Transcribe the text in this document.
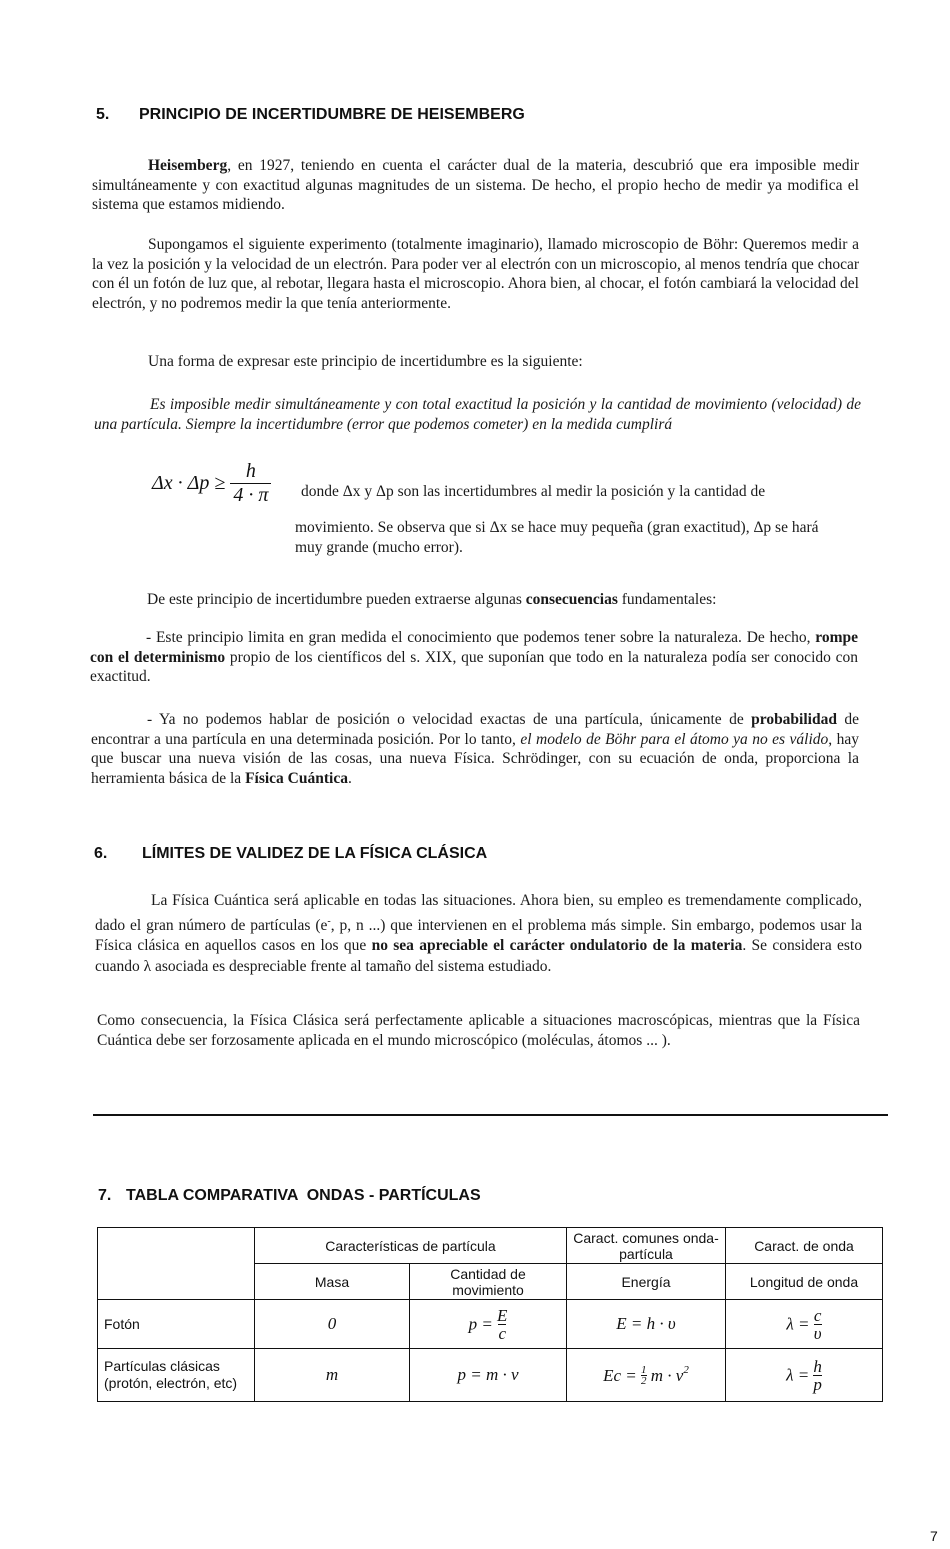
5. PRINCIPIO DE INCERTIDUMBRE DE HEISEMBERG
Heisemberg, en 1927, teniendo en cuenta el carácter dual de la materia, descubrió que era imposible medir simultáneamente y con exactitud algunas magnitudes de un sistema. De hecho, el propio hecho de medir ya modifica el sistema que estamos midiendo.
Supongamos el siguiente experimento (totalmente imaginario), llamado microscopio de Böhr: Queremos medir a la vez la posición y la velocidad de un electrón. Para poder ver al electrón con un microscopio, al menos tendría que chocar con él un fotón de luz que, al rebotar, llegara hasta el microscopio. Ahora bien, al chocar, el fotón cambiará la velocidad del electrón, y no podremos medir la que tenía anteriormente.
Una forma de expresar este principio de incertidumbre es la siguiente:
Es imposible medir simultáneamente y con total exactitud la posición y la cantidad de movimiento (velocidad) de una partícula. Siempre la incertidumbre (error que podemos cometer) en la medida cumplirá
$\Delta x \cdot \Delta p \ge \frac{h}{4 \cdot \pi}$ donde Δx y Δp son las incertidumbres al medir la posición y la cantidad de
movimiento. Se observa que si Δx se hace muy pequeña (gran exactitud), Δp se hará muy grande (mucho error).
De este principio de incertidumbre pueden extraerse algunas consecuencias fundamentales:
- Este principio limita en gran medida el conocimiento que podemos tener sobre la naturaleza. De hecho, rompe con el determinismo propio de los científicos del s. XIX, que suponían que todo en la naturaleza podía ser conocido con exactitud.
- Ya no podemos hablar de posición o velocidad exactas de una partícula, únicamente de probabilidad de encontrar a una partícula en una determinada posición. Por lo tanto, el modelo de Böhr para el átomo ya no es válido, hay que buscar una nueva visión de las cosas, una nueva Física. Schrödinger, con su ecuación de onda, proporciona la herramienta básica de la Física Cuántica.
6. LÍMITES DE VALIDEZ DE LA FÍSICA CLÁSICA
La Física Cuántica será aplicable en todas las situaciones. Ahora bien, su empleo es tremendamente complicado, dado el gran número de partículas (e-, p, n ...) que intervienen en el problema más simple. Sin embargo, podemos usar la Física clásica en aquellos casos en los que no sea apreciable el carácter ondulatorio de la materia. Se considera esto cuando λ asociada es despreciable frente al tamaño del sistema estudiado.
Como consecuencia, la Física Clásica será perfectamente aplicable a situaciones macroscópicas, mientras que la Física Cuántica debe ser forzosamente aplicada en el mundo microscópico (moléculas, átomos ... ).
7. TABLA COMPARATIVA  ONDAS - PARTÍCULAS
	Características de partícula		Caract. comunes onda-partícula	Caract. de onda
	Masa	Cantidad de movimiento	Energía	Longitud de onda
Fotón	0	$p = \frac{E}{c}$	E = h · υ	$\lambda = \frac{c}{\upsilon}$

Partículas clásicas (protón, electrón, etc)	m	p = m · v	$Ec = \frac{1}{2}$ $m \cdot v^2$	$\lambda = \frac{h}{p}$
7
